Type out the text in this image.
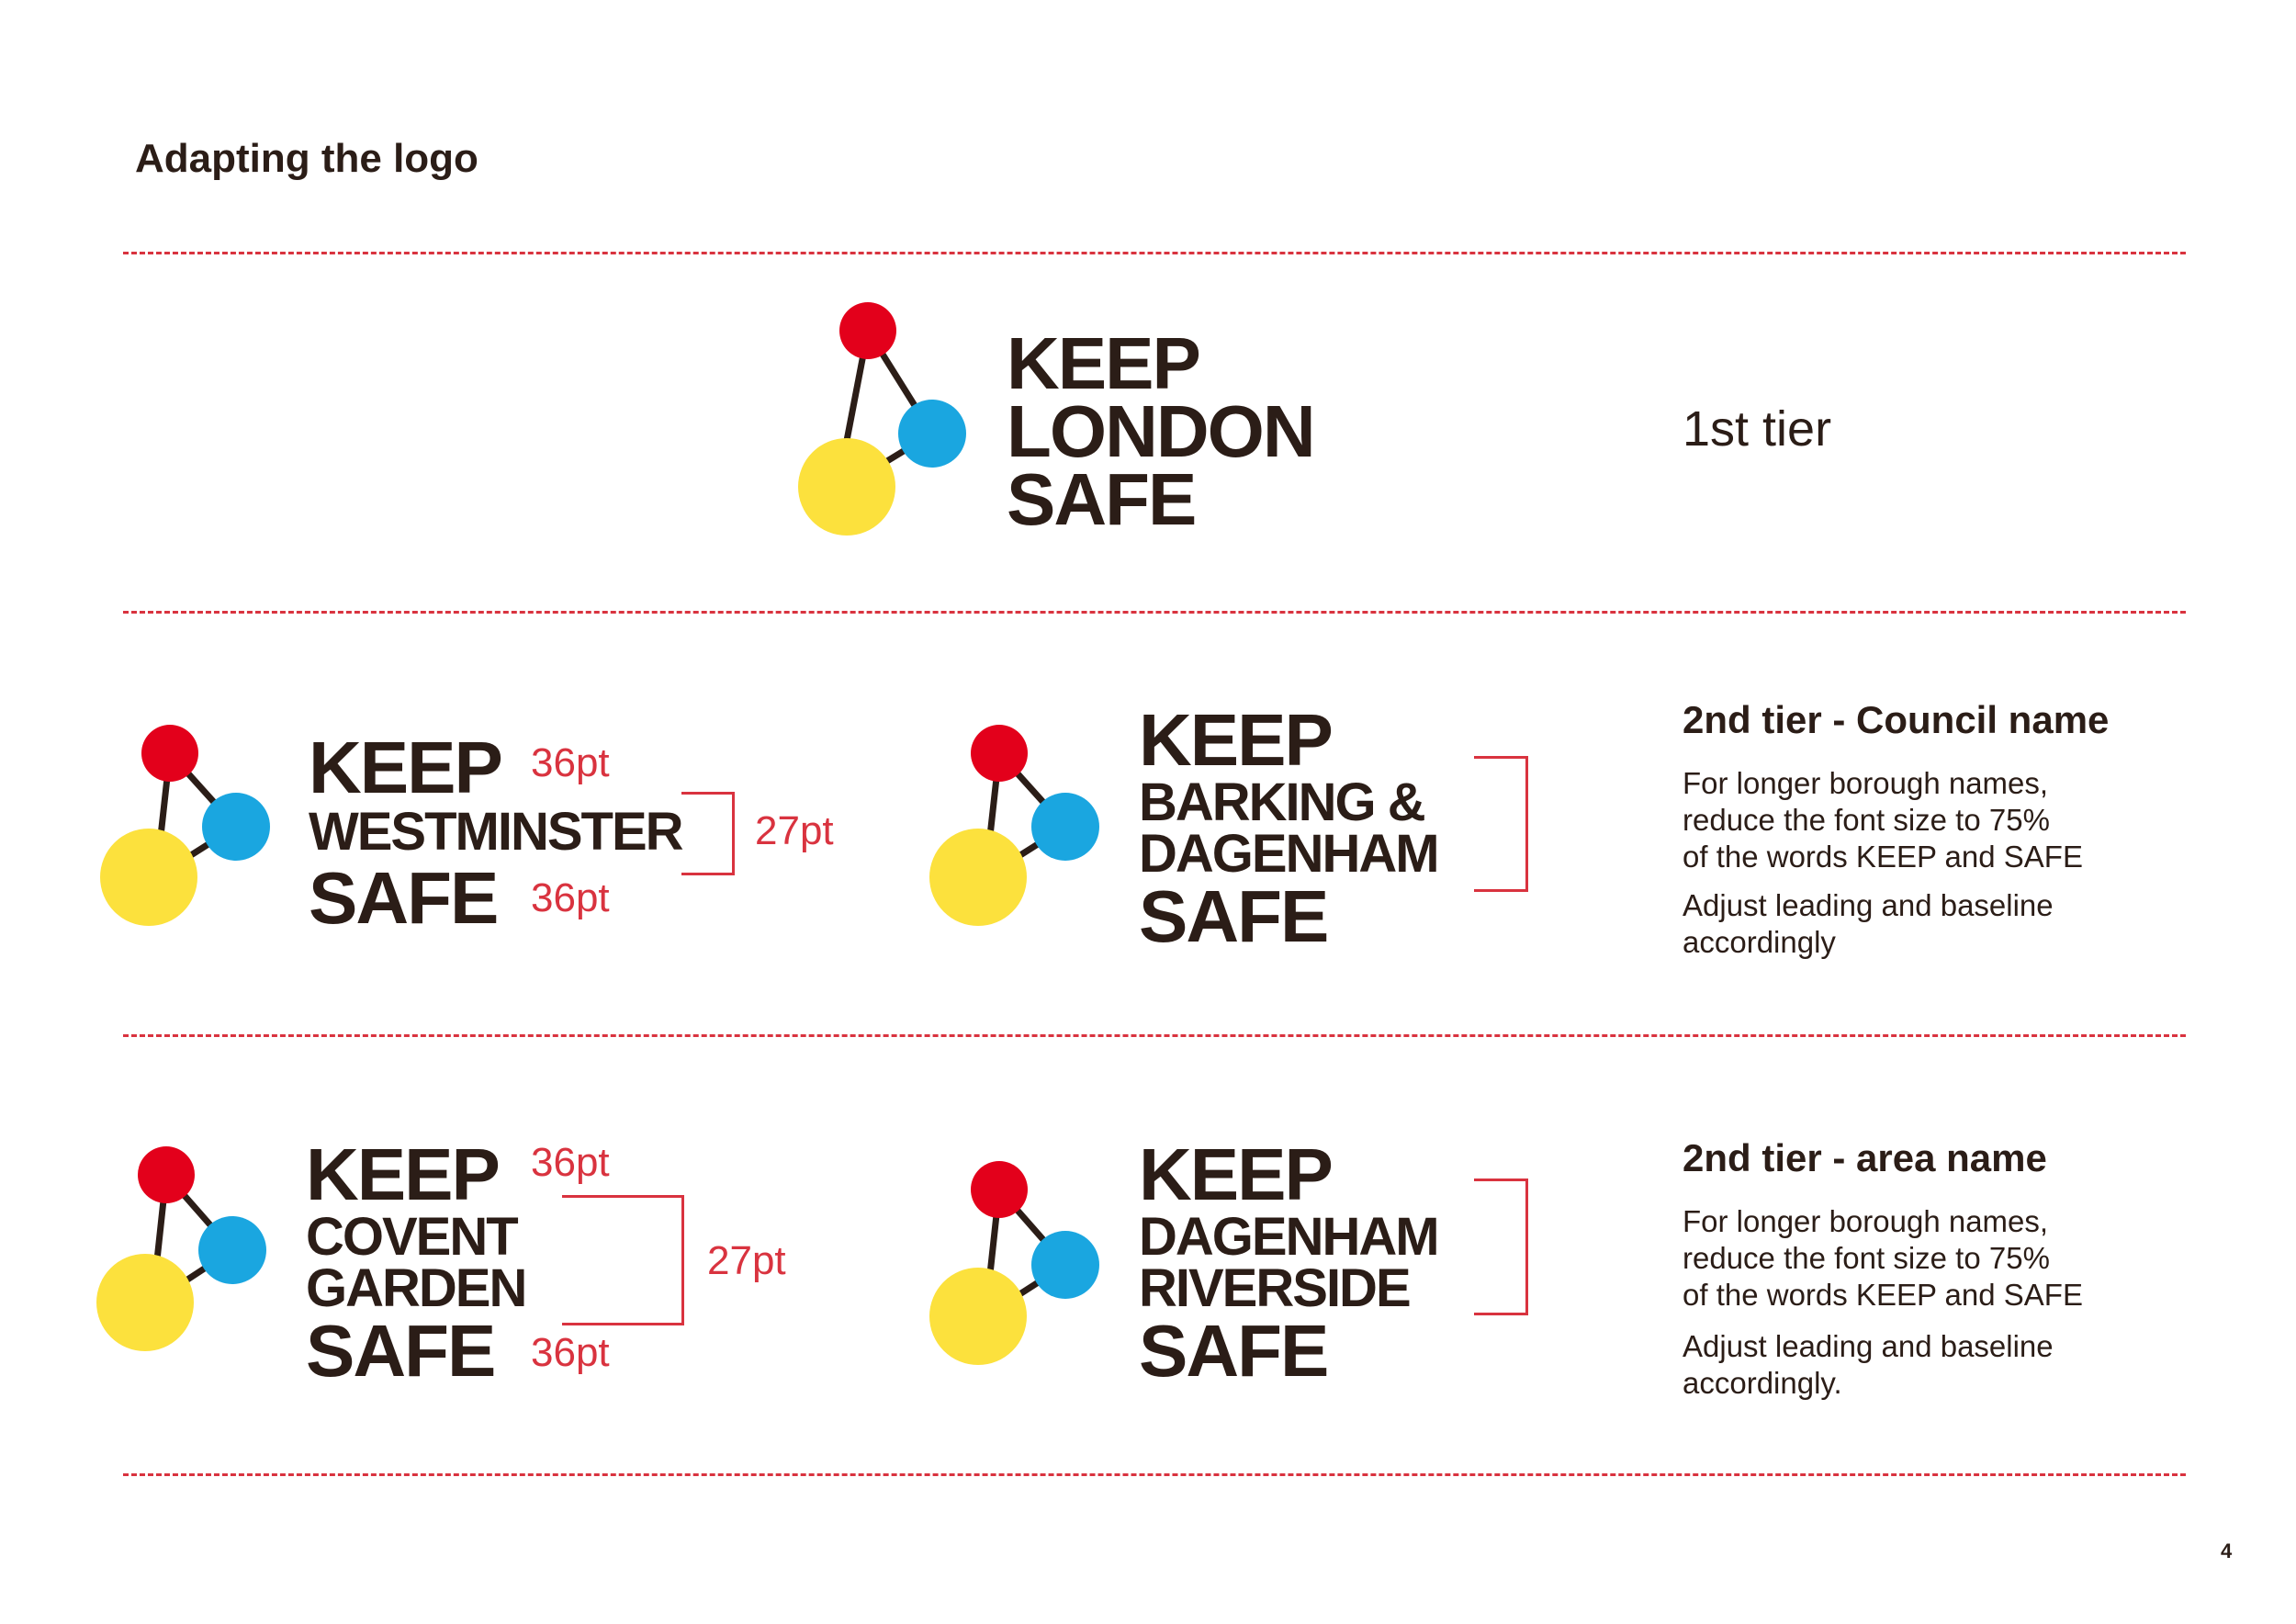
Adapting the logo
KEEP
LONDON
SAFE
1st tier
KEEP
WESTMINSTER
SAFE
36pt
36pt
27pt
KEEP
BARKING &
DAGENHAM
SAFE
2nd tier - Council name
For longer borough names,
reduce the font size to 75%
of the words KEEP and SAFE
Adjust leading and baseline
accordingly
KEEP
COVENT
GARDEN
SAFE
36pt
36pt
27pt
KEEP
DAGENHAM
RIVERSIDE
SAFE
2nd tier - area name
For longer borough names,
reduce the font size to 75%
of the words KEEP and SAFE
Adjust leading and baseline
accordingly.
4
